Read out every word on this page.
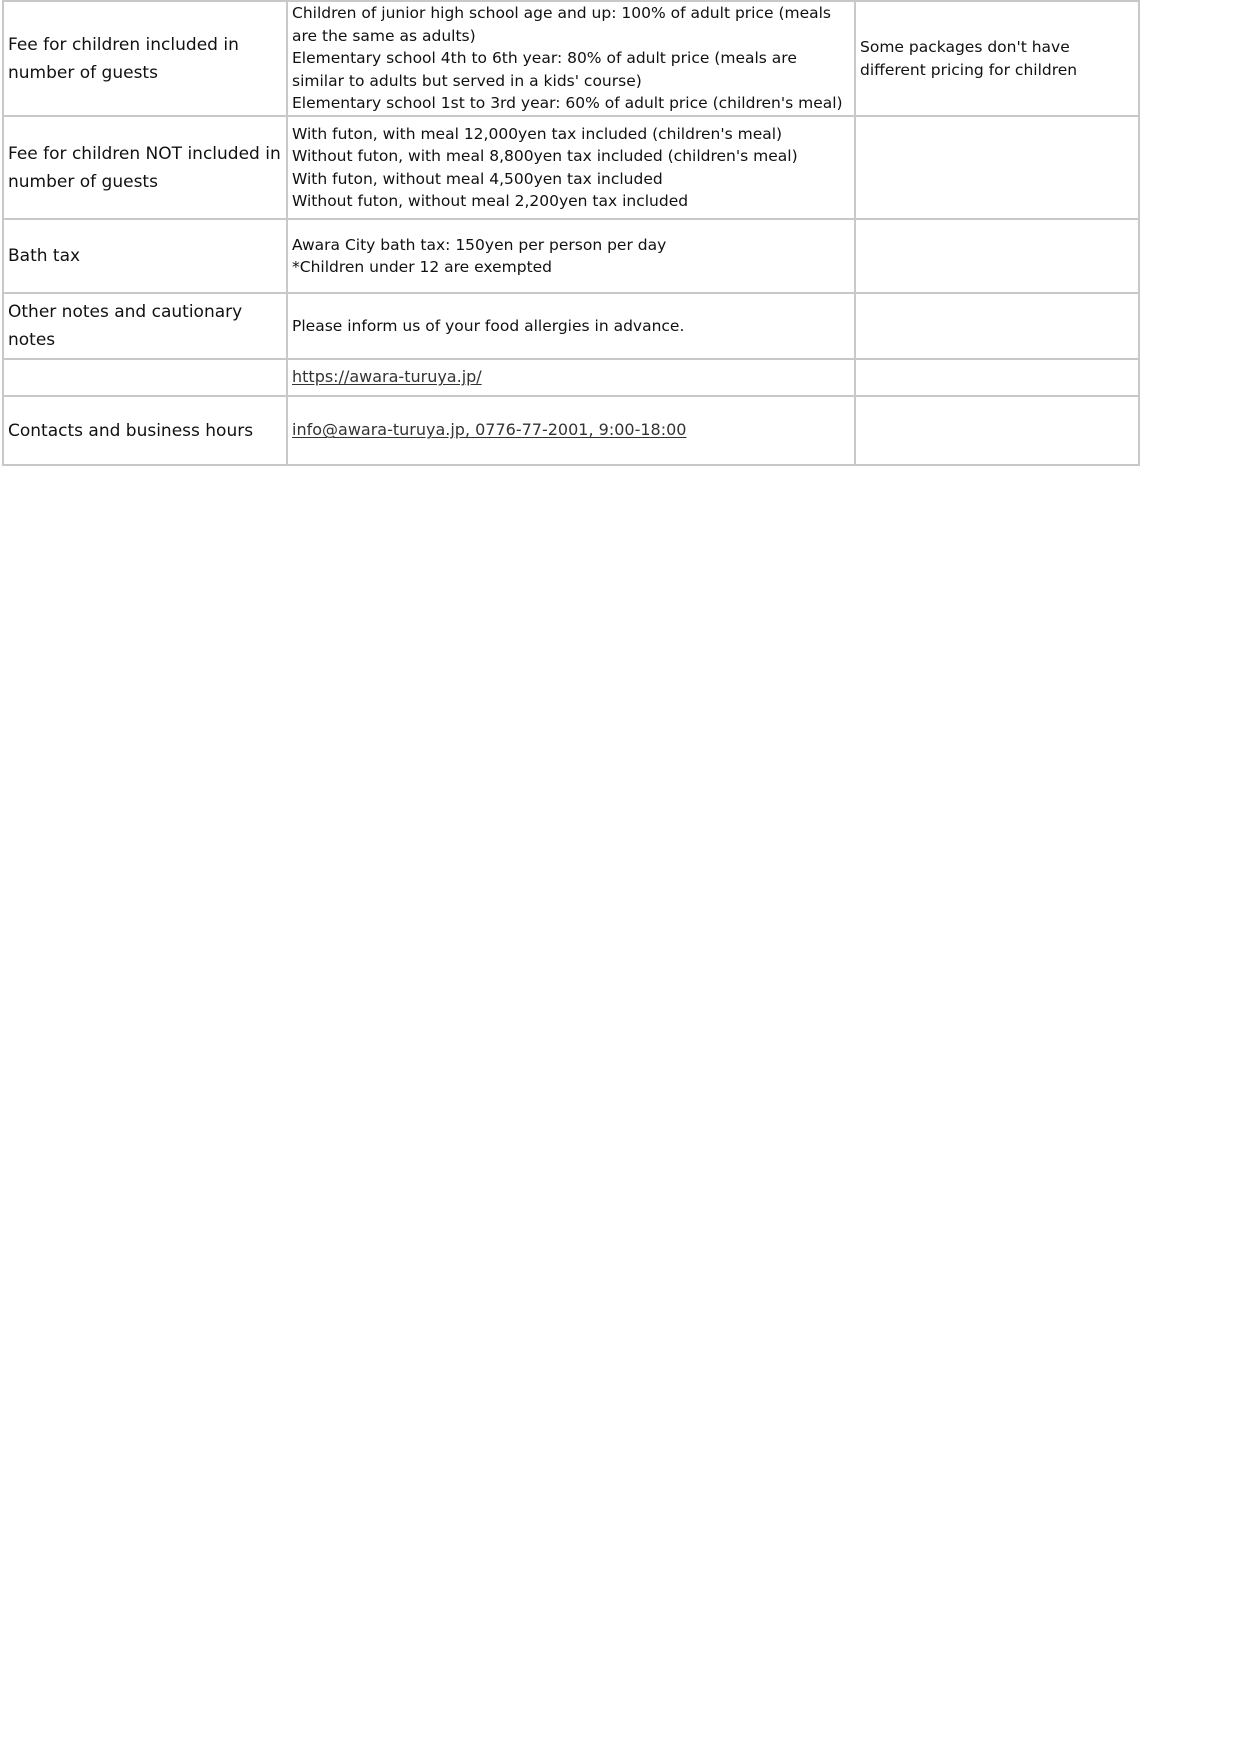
Fee for children included in number of guests	Children of junior high school age and up: 100% of adult price (meals are the same as adults)
Elementary school 4th to 6th year: 80% of adult price (meals are similar to adults but served in a kids' course)
Elementary school 1st to 3rd year: 60% of adult price (children's meal)	Some packages don't have different pricing for children
Fee for children NOT included in number of guests	With futon, with meal 12,000yen tax included (children's meal)
Without futon, with meal 8,800yen tax included (children's meal)
With futon, without meal 4,500yen tax included
Without futon, without meal 2,200yen tax included	

Bath tax	Awara City bath tax: 150yen per person per day
*Children under 12 are exempted	

Other notes and cautionary notes	Please inform us of your food allergies in advance.	

	https://awara-turuya.jp/	
Contacts and business hours	info@awara-turuya.jp, 0776-77-2001, 9:00-18:00	
